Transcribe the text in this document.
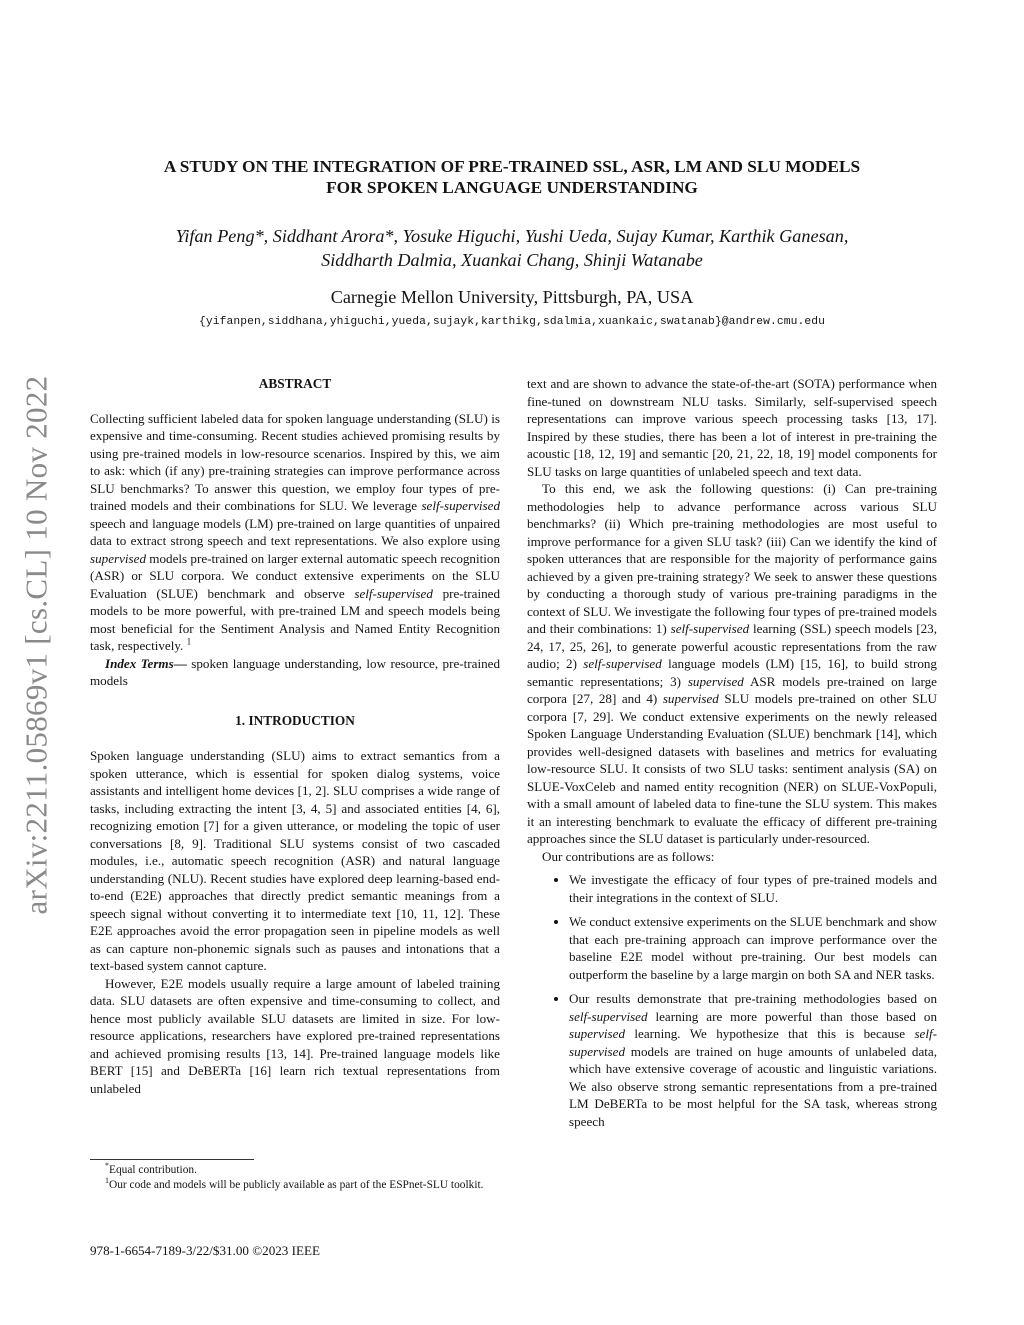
arXiv:2211.05869v1 [cs.CL] 10 Nov 2022
A STUDY ON THE INTEGRATION OF PRE-TRAINED SSL, ASR, LM AND SLU MODELS
FOR SPOKEN LANGUAGE UNDERSTANDING
Yifan Peng*, Siddhant Arora*, Yosuke Higuchi, Yushi Ueda, Sujay Kumar, Karthik Ganesan,
Siddharth Dalmia, Xuankai Chang, Shinji Watanabe
Carnegie Mellon University, Pittsburgh, PA, USA
{yifanpen,siddhana,yhiguchi,yueda,sujayk,karthikg,sdalmia,xuankaic,swatanab}@andrew.cmu.edu
ABSTRACT

Collecting sufficient labeled data for spoken language understanding (SLU) is expensive and time-consuming. Recent studies achieved promising results by using pre-trained models in low-resource scenarios. Inspired by this, we aim to ask: which (if any) pre-training strategies can improve performance across SLU benchmarks? To answer this question, we employ four types of pre-trained models and their combinations for SLU. We leverage self-supervised speech and language models (LM) pre-trained on large quantities of unpaired data to extract strong speech and text representations. We also explore using supervised models pre-trained on larger external automatic speech recognition (ASR) or SLU corpora. We conduct extensive experiments on the SLU Evaluation (SLUE) benchmark and observe self-supervised pre-trained models to be more powerful, with pre-trained LM and speech models being most beneficial for the Sentiment Analysis and Named Entity Recognition task, respectively. $^1$

Index Terms— spoken language understanding, low resource, pre-trained models

1. INTRODUCTION

Spoken language understanding (SLU) aims to extract semantics from a spoken utterance, which is essential for spoken dialog systems, voice assistants and intelligent home devices [1, 2]. SLU comprises a wide range of tasks, including extracting the intent [3, 4, 5] and associated entities [4, 6], recognizing emotion [7] for a given utterance, or modeling the topic of user conversations [8, 9]. Traditional SLU systems consist of two cascaded modules, i.e., automatic speech recognition (ASR) and natural language understanding (NLU). Recent studies have explored deep learning-based end-to-end (E2E) approaches that directly predict semantic meanings from a speech signal without converting it to intermediate text [10, 11, 12]. These E2E approaches avoid the error propagation seen in pipeline models as well as can capture non-phonemic signals such as pauses and intonations that a text-based system cannot capture.

However, E2E models usually require a large amount of labeled training data. SLU datasets are often expensive and time-consuming to collect, and hence most publicly available SLU datasets are limited in size. For low-resource applications, researchers have explored pre-trained representations and achieved promising results [13, 14]. Pre-trained language models like BERT [15] and DeBERTa [16] learn rich textual representations from unlabeled

text and are shown to advance the state-of-the-art (SOTA) performance when fine-tuned on downstream NLU tasks. Similarly, self-supervised speech representations can improve various speech processing tasks [13, 17]. Inspired by these studies, there has been a lot of interest in pre-training the acoustic [18, 12, 19] and semantic [20, 21, 22, 18, 19] model components for SLU tasks on large quantities of unlabeled speech and text data.

To this end, we ask the following questions: (i) Can pre-training methodologies help to advance performance across various SLU benchmarks? (ii) Which pre-training methodologies are most useful to improve performance for a given SLU task? (iii) Can we identify the kind of spoken utterances that are responsible for the majority of performance gains achieved by a given pre-training strategy? We seek to answer these questions by conducting a thorough study of various pre-training paradigms in the context of SLU. We investigate the following four types of pre-trained models and their combinations: 1) self-supervised learning (SSL) speech models [23, 24, 17, 25, 26], to generate powerful acoustic representations from the raw audio; 2) self-supervised language models (LM) [15, 16], to build strong semantic representations; 3) supervised ASR models pre-trained on large corpora [27, 28] and 4) supervised SLU models pre-trained on other SLU corpora [7, 29]. We conduct extensive experiments on the newly released Spoken Language Understanding Evaluation (SLUE) benchmark [14], which provides well-designed datasets with baselines and metrics for evaluating low-resource SLU. It consists of two SLU tasks: sentiment analysis (SA) on SLUE-VoxCeleb and named entity recognition (NER) on SLUE-VoxPopuli, with a small amount of labeled data to fine-tune the SLU system. This makes it an interesting benchmark to evaluate the efficacy of different pre-training approaches since the SLU dataset is particularly under-resourced.

Our contributions are as follows:

• We investigate the efficacy of four types of pre-trained models and their integrations in the context of SLU.
• We conduct extensive experiments on the SLUE benchmark and show that each pre-training approach can improve performance over the baseline E2E model without pre-training. Our best models can outperform the baseline by a large margin on both SA and NER tasks.
• Our results demonstrate that pre-training methodologies based on self-supervised learning are more powerful than those based on supervised learning. We hypothesize that this is because self-supervised models are trained on huge amounts of unlabeled data, which have extensive coverage of acoustic and linguistic variations. We also observe strong semantic representations from a pre-trained LM DeBERTa to be most helpful for the SA task, whereas strong speech
*Equal contribution.
$^1$Our code and models will be publicly available as part of the ESPnet-SLU toolkit.
978-1-6654-7189-3/22/$31.00 ©2023 IEEE
